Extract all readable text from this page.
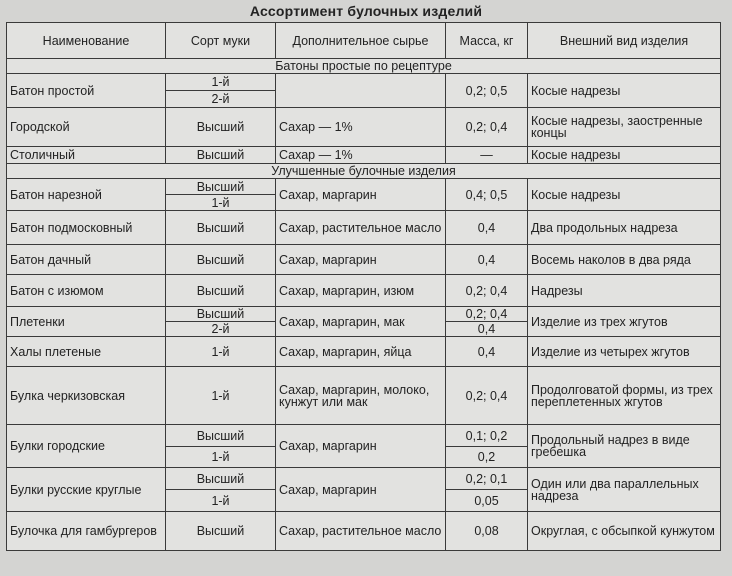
Ассортимент булочных изделий
Наименование	Сорт муки	Дополнительное сырье	Масса, кг	Внешний вид изделия
Батоны простые по рецептуре				
Батон простой	1-й		0,2; 0,5	Косые надрезы
	2-й			
Городской	Высший	Сахар — 1%	0,2; 0,4	Косые надрезы, заостренные концы
Столичный	Высший	Сахар — 1%	—	Косые надрезы
Улучшенные булочные изделия				
Батон нарезной	Высший	Сахар, маргарин	0,4; 0,5	Косые надрезы
	1-й			
Батон подмосковный	Высший	Сахар, растительное масло	0,4	Два продольных надреза
Батон дачный	Высший	Сахар, маргарин	0,4	Восемь наколов в два ряда
Батон с изюмом	Высший	Сахар, маргарин, изюм	0,2; 0,4	Надрезы
Плетенки	Высший	Сахар, маргарин, мак	0,2; 0,4	Изделие из трех жгутов
	2-й		0,4	
Халы плетеные	1-й	Сахар, маргарин, яйца	0,4	Изделие из четырех жгутов
Булка черкизовская	1-й	Сахар, маргарин, молоко, кунжут или мак	0,2; 0,4	Продолговатой формы, из трех переплетенных жгутов
Булки городские	Высший	Сахар, маргарин	0,1; 0,2	Продольный надрез в виде гребешка
	1-й		0,2	
Булки русские круглые	Высший	Сахар, маргарин	0,2; 0,1	Один или два параллельных надреза
	1-й		0,05	
Булочка для гамбургеров	Высший	Сахар, растительное масло	0,08	Округлая, с обсыпкой кунжутом
